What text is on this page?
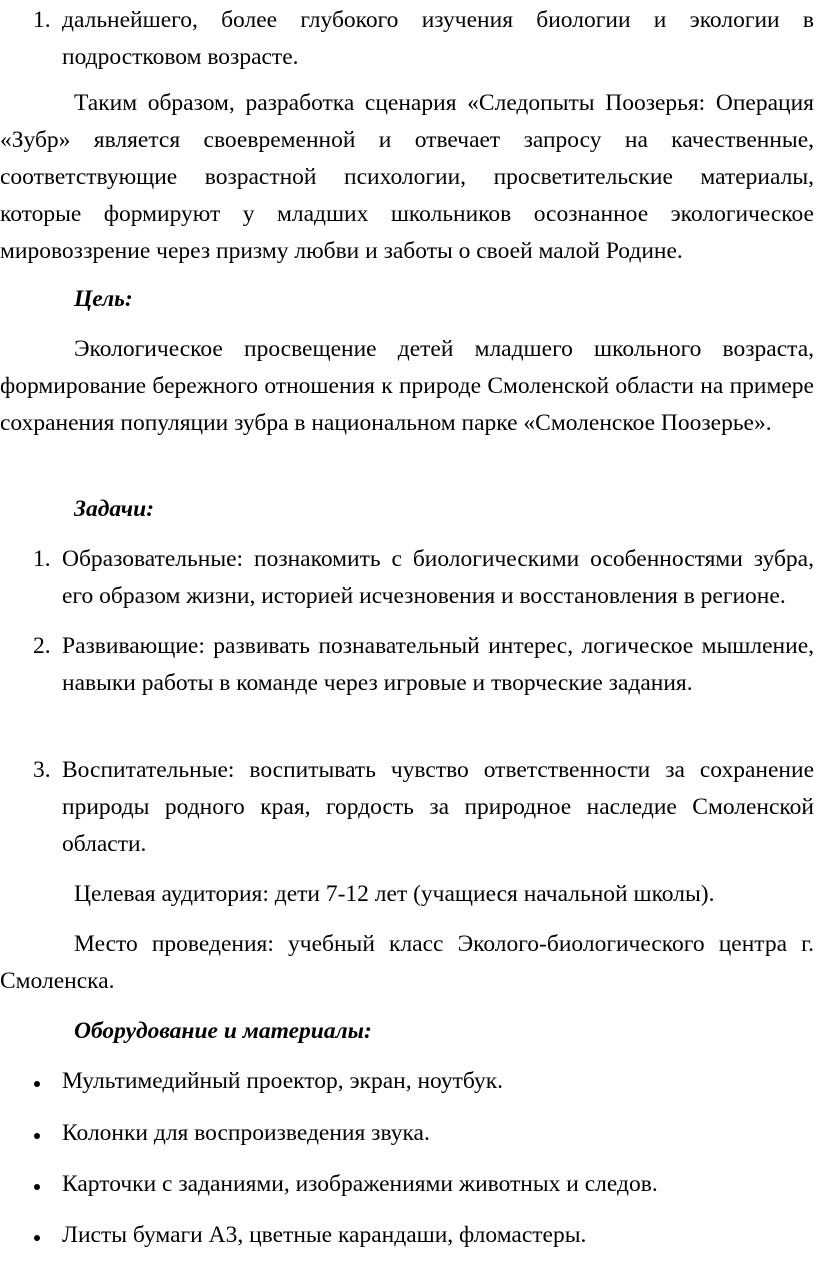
1. дальнейшего, более глубокого изучения биологии и экологии в подростковом возрасте.

Таким образом, разработка сценария «Следопыты Поозерья: Операция «Зубр» является своевременной и отвечает запросу на качественные, соответствующие возрастной психологии, просветительские материалы, которые формируют у младших школьников осознанное экологическое мировоззрение через призму любви и заботы о своей малой Родине.

Цель:

Экологическое просвещение детей младшего школьного возраста, формирование бережного отношения к природе Смоленской области на примере сохранения популяции зубра в национальном парке «Смоленское Поозерье».

Задачи:

1. Образовательные: познакомить с биологическими особенностями зубра, его образом жизни, историей исчезновения и восстановления в регионе.

2. Развивающие: развивать познавательный интерес, логическое мышление, навыки работы в команде через игровые и творческие задания.

3. Воспитательные: воспитывать чувство ответственности за сохранение природы родного края, гордость за природное наследие Смоленской области.

Целевая аудитория: дети 7-12 лет (учащиеся начальной школы).

Место проведения: учебный класс Эколого-биологического центра г. Смоленска.

Оборудование и материалы:

Мультимедийный проектор, экран, ноутбук.

Колонки для воспроизведения звука.

Карточки с заданиями, изображениями животных и следов.

Листы бумаги А3, цветные карандаши, фломастеры.
